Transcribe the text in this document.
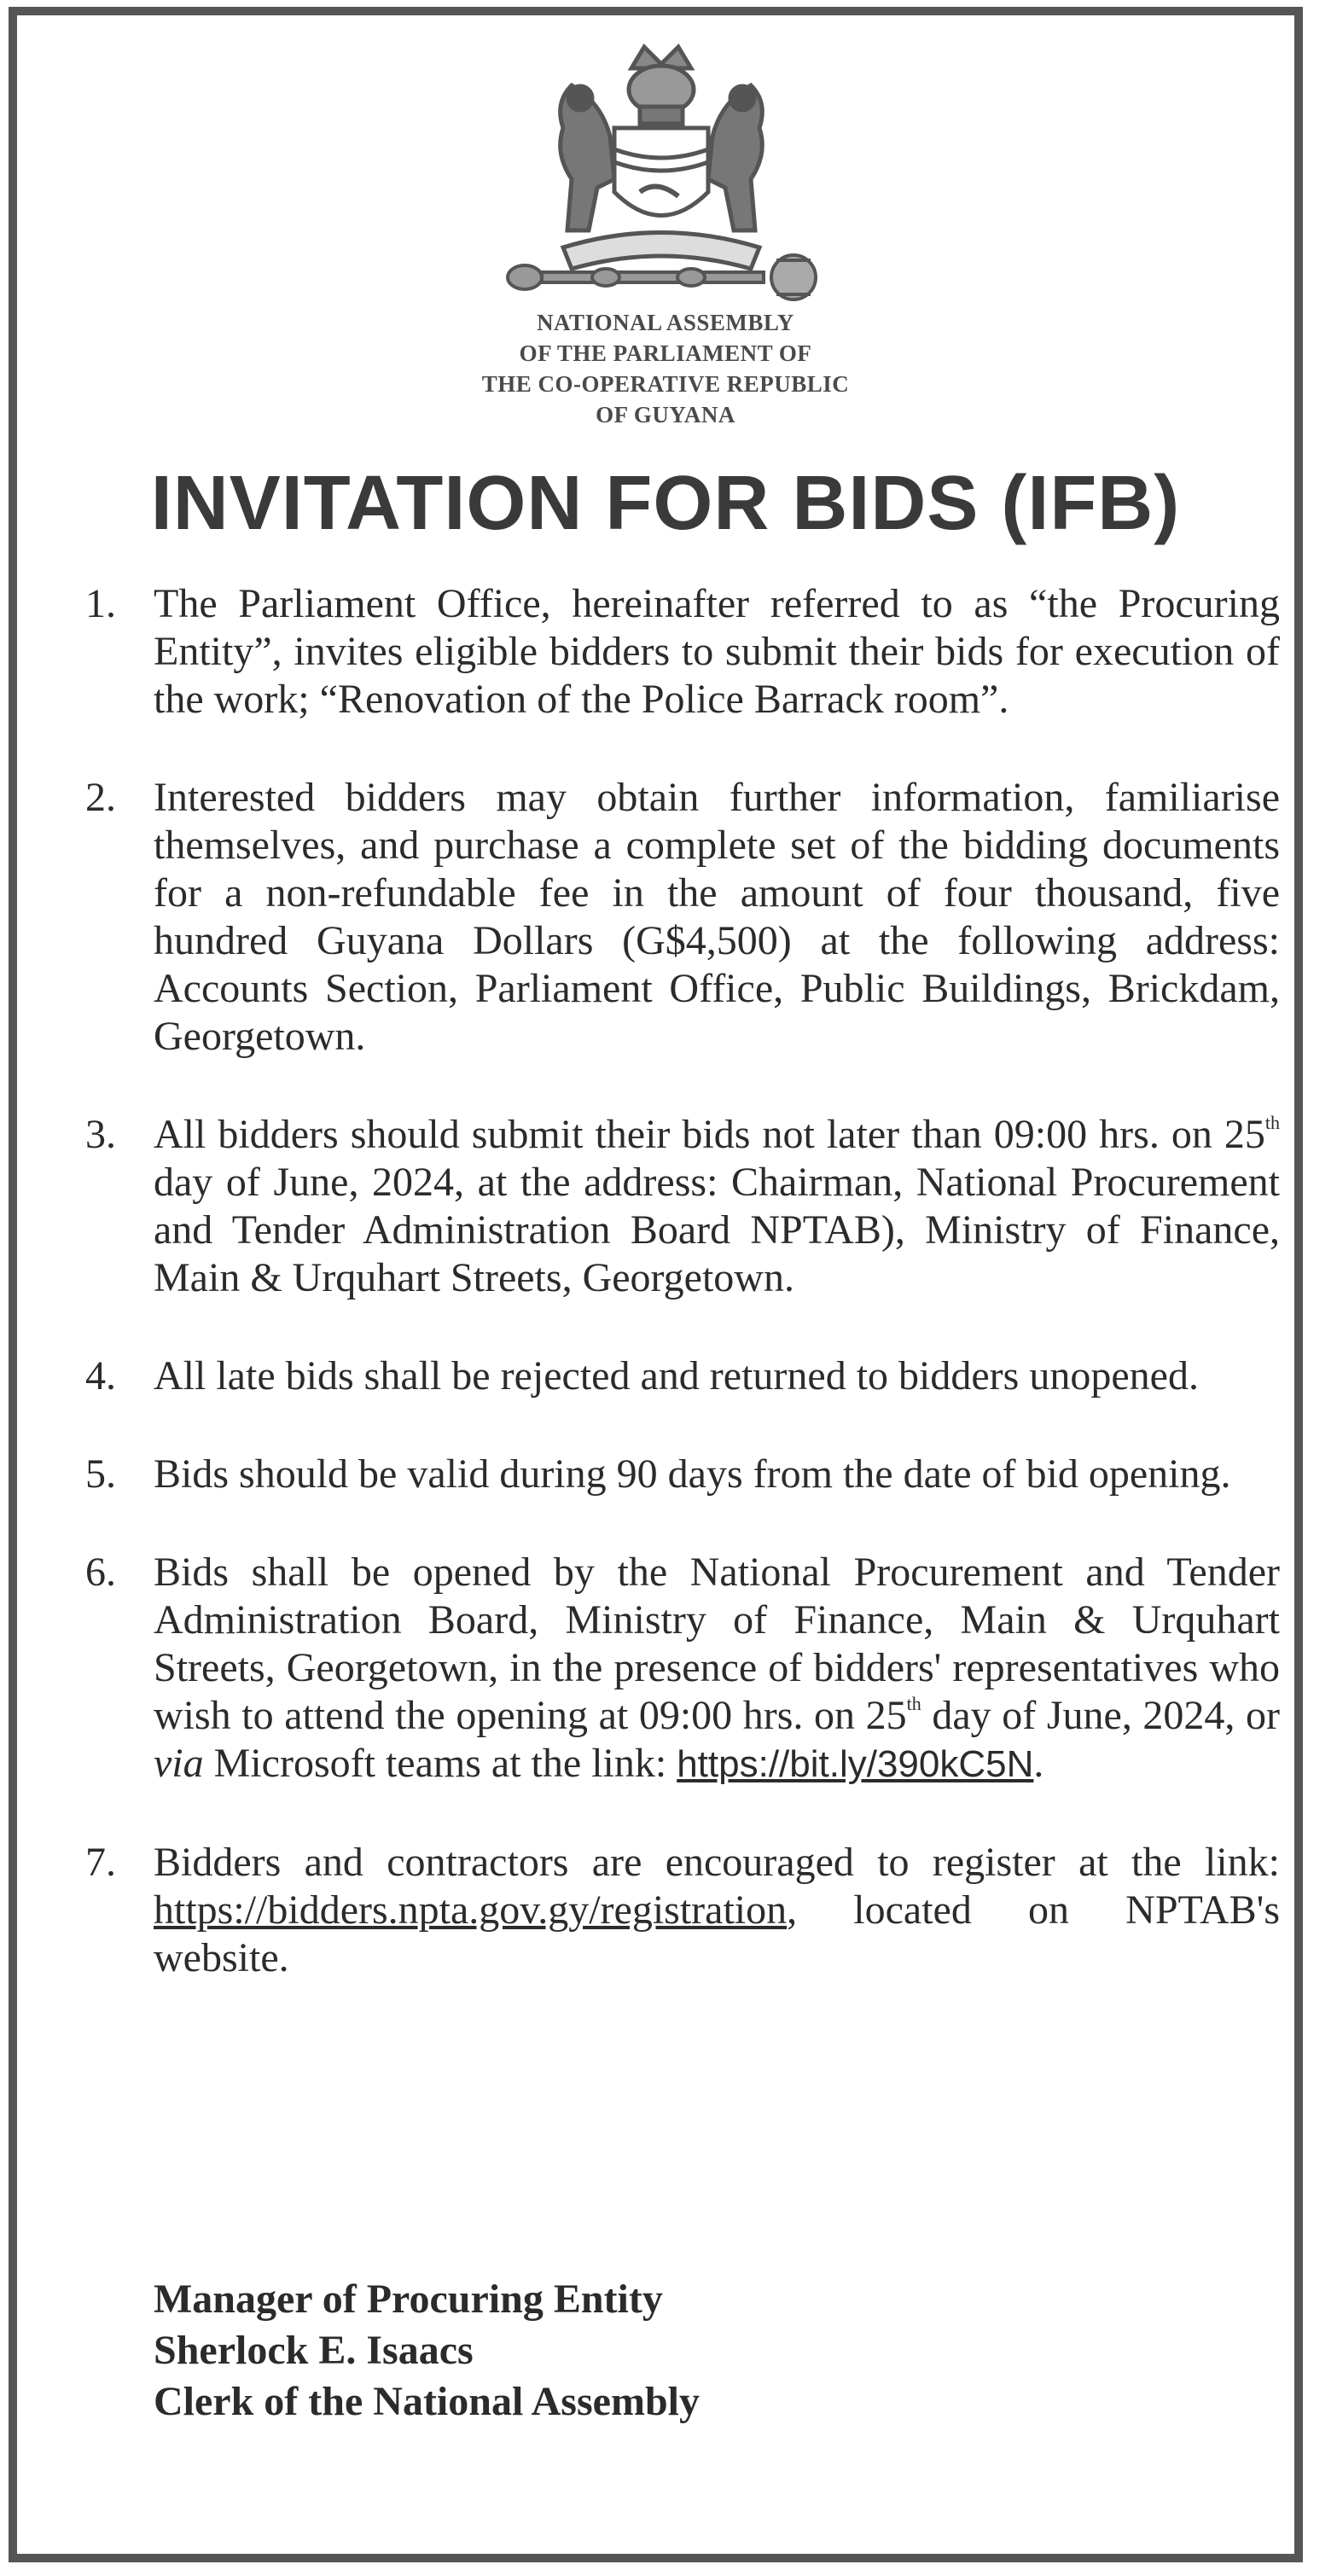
NATIONAL ASSEMBLY
OF THE PARLIAMENT OF
THE CO-OPERATIVE REPUBLIC
OF GUYANA
INVITATION FOR BIDS (IFB)
1. The Parliament Office, hereinafter referred to as “the Procuring Entity”, invites eligible bidders to submit their bids for execution of the work; “Renovation of the Police Barrack room”.
2. Interested bidders may obtain further information, familiarise themselves, and purchase a complete set of the bidding documents for a non-refundable fee in the amount of four thousand, five hundred Guyana Dollars (G$4,500) at the following address: Accounts Section, Parliament Office, Public Buildings, Brickdam, Georgetown.
3. All bidders should submit their bids not later than 09:00 hrs. on 25th day of June, 2024, at the address: Chairman, National Procurement and Tender Administration Board NPTAB), Ministry of Finance, Main & Urquhart Streets, Georgetown.
4. All late bids shall be rejected and returned to bidders unopened.
5. Bids should be valid during 90 days from the date of bid opening.
6. Bids shall be opened by the National Procurement and Tender Administration Board, Ministry of Finance, Main & Urquhart Streets, Georgetown, in the presence of bidders' representatives who wish to attend the opening at 09:00 hrs. on 25th day of June, 2024, or via Microsoft teams at the link: https://bit.ly/390kC5N.
7. Bidders and contractors are encouraged to register at the link: https://bidders.npta.gov.gy/registration, located on NPTAB's website.
Manager of Procuring Entity
Sherlock E. Isaacs
Clerk of the National Assembly
